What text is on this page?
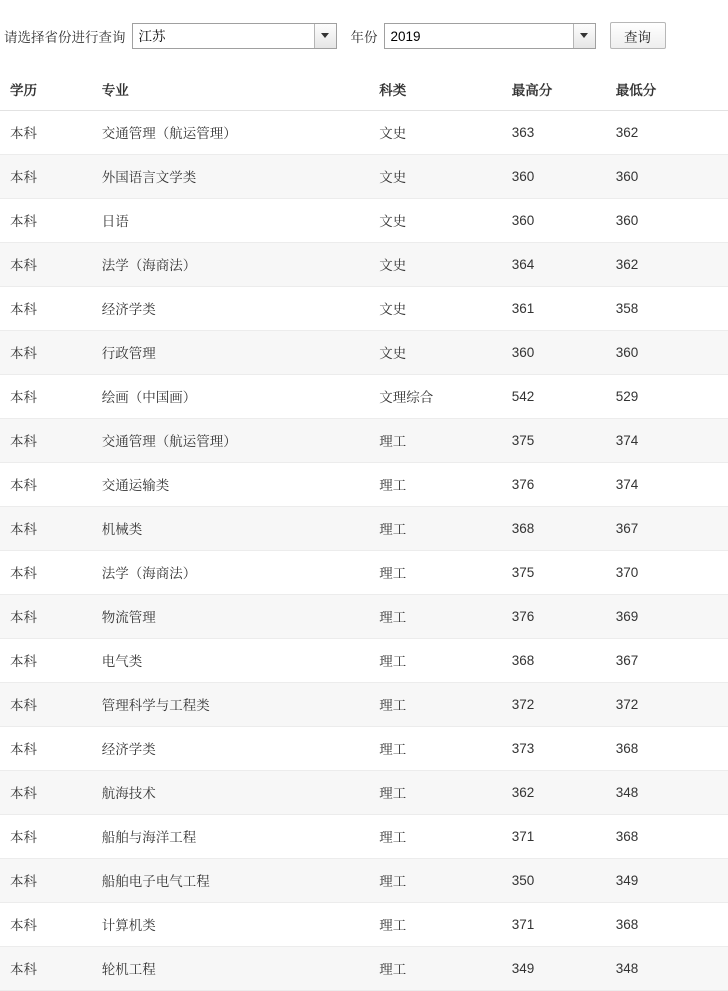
请选择省份进行查询
江苏	年份
2019	查询
学历	专业	科类	最高分	最低分
本科	交通管理（航运管理）	文史	363	362
本科	外国语言文学类	文史	360	360
本科	日语	文史	360	360
本科	法学（海商法）	文史	364	362
本科	经济学类	文史	361	358
本科	行政管理	文史	360	360
本科	绘画（中国画）	文理综合	542	529
本科	交通管理（航运管理）	理工	375	374
本科	交通运输类	理工	376	374
本科	机械类	理工	368	367
本科	法学（海商法）	理工	375	370
本科	物流管理	理工	376	369
本科	电气类	理工	368	367
本科	管理科学与工程类	理工	372	372
本科	经济学类	理工	373	368
本科	航海技术	理工	362	348
本科	船舶与海洋工程	理工	371	368
本科	船舶电子电气工程	理工	350	349
本科	计算机类	理工	371	368
本科	轮机工程	理工	349	348
